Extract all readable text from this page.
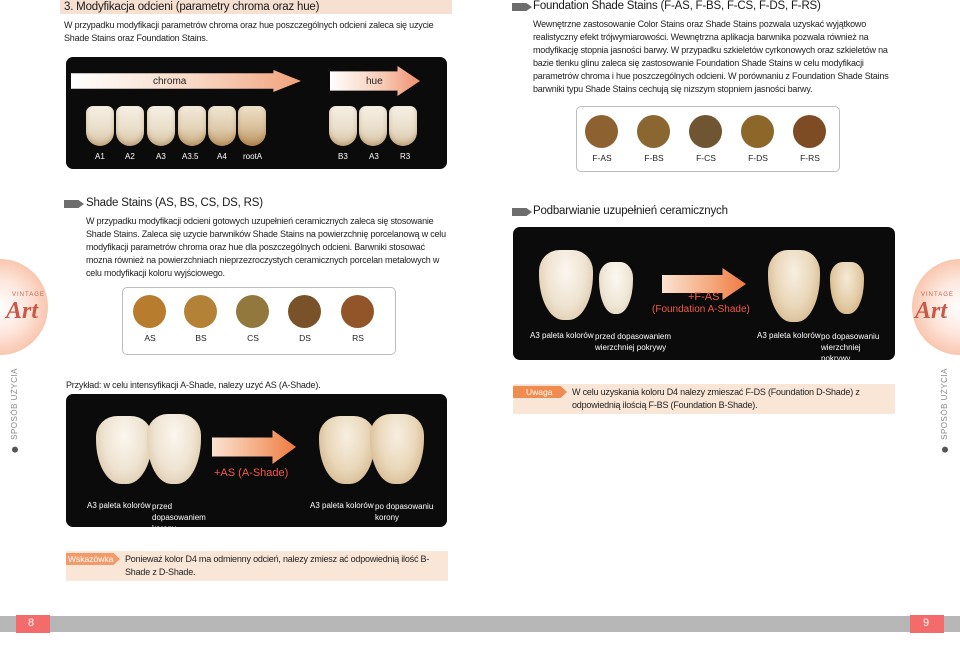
3. Modyfikacja odcieni (parametry chroma oraz hue)
W przypadku modyfikacji parametrów chroma oraz hue poszczególnych odcieni zaleca się uzycie Shade Stains oraz Foundation Stains.
chroma	hue
A1	A2	A3 A3.5 A4 rootA	B3	A3	R3
Shade Stains (AS, BS, CS, DS, RS)
W przypadku modyfikacji odcieni gotowych uzupełnień ceramicznych zaleca się stosowanie Shade Stains. Zaleca się uzycie barwników Shade Stains na powierzchnię porcelanową w celu modyfikacji parametrów chroma oraz hue dla poszczególnych odcieni. Barwniki stosować mozna również na powierzchniach nieprzezroczystych ceramicznych porcelan metalowych w celu modyfikacji koloru wyjściowego.
AS	BS	CS	DS	RS
Przykład: w celu intensyfikacji A-Shade, nalezy uzyć AS (A-Shade).
+AS (A-Shade)
A3 paleta kolorów przed dopasowaniem korony
A3 paleta kolorów po dopasowaniu korony
Wskazówka Ponieważ kolor D4 ma odmienny odcień, nalezy zmiesz ać odpowiednią ilość B-Shade z D-Shade.
VINTAGE
Art
SPOSÓB UŻYCIA
8
Foundation Shade Stains (F-AS, F-BS, F-CS, F-DS, F-RS)
Wewnętrzne zastosowanie Color Stains oraz Shade Stains pozwala uzyskać wyjątkowo realistyczny efekt trójwymiarowości. Wewnętrzna aplikacja barwnika pozwala również na modyfikację stopnia jasności barwy. W przypadku szkieletów cyrkonowych oraz szkieletów na bazie tlenku glinu zaleca się zastosowanie Foundation Shade Stains w celu modyfikacji parametrów chroma i hue poszczególnych odcieni. W porównaniu z Foundation Shade Stains barwniki typu Shade Stains cechują się nizszym stopniem jasności barwy.
F-AS	F-BS	F-CS	F-DS	F-RS
Podbarwianie uzupełnień ceramicznych
+F-AS
(Foundation A-Shade)
A3 paleta kolorów przed dopasowaniem wierzchniej pokrywy
A3 paleta kolorów po dopasowaniu wierzchniej pokrywy
Uwaga W celu uzyskania koloru D4 nalezy zmieszać F-DS (Foundation D-Shade) z odpowiednią ilością F-BS (Foundation B-Shade).
VINTAGE
Art
SPOSÓB UŻYCIA
9
